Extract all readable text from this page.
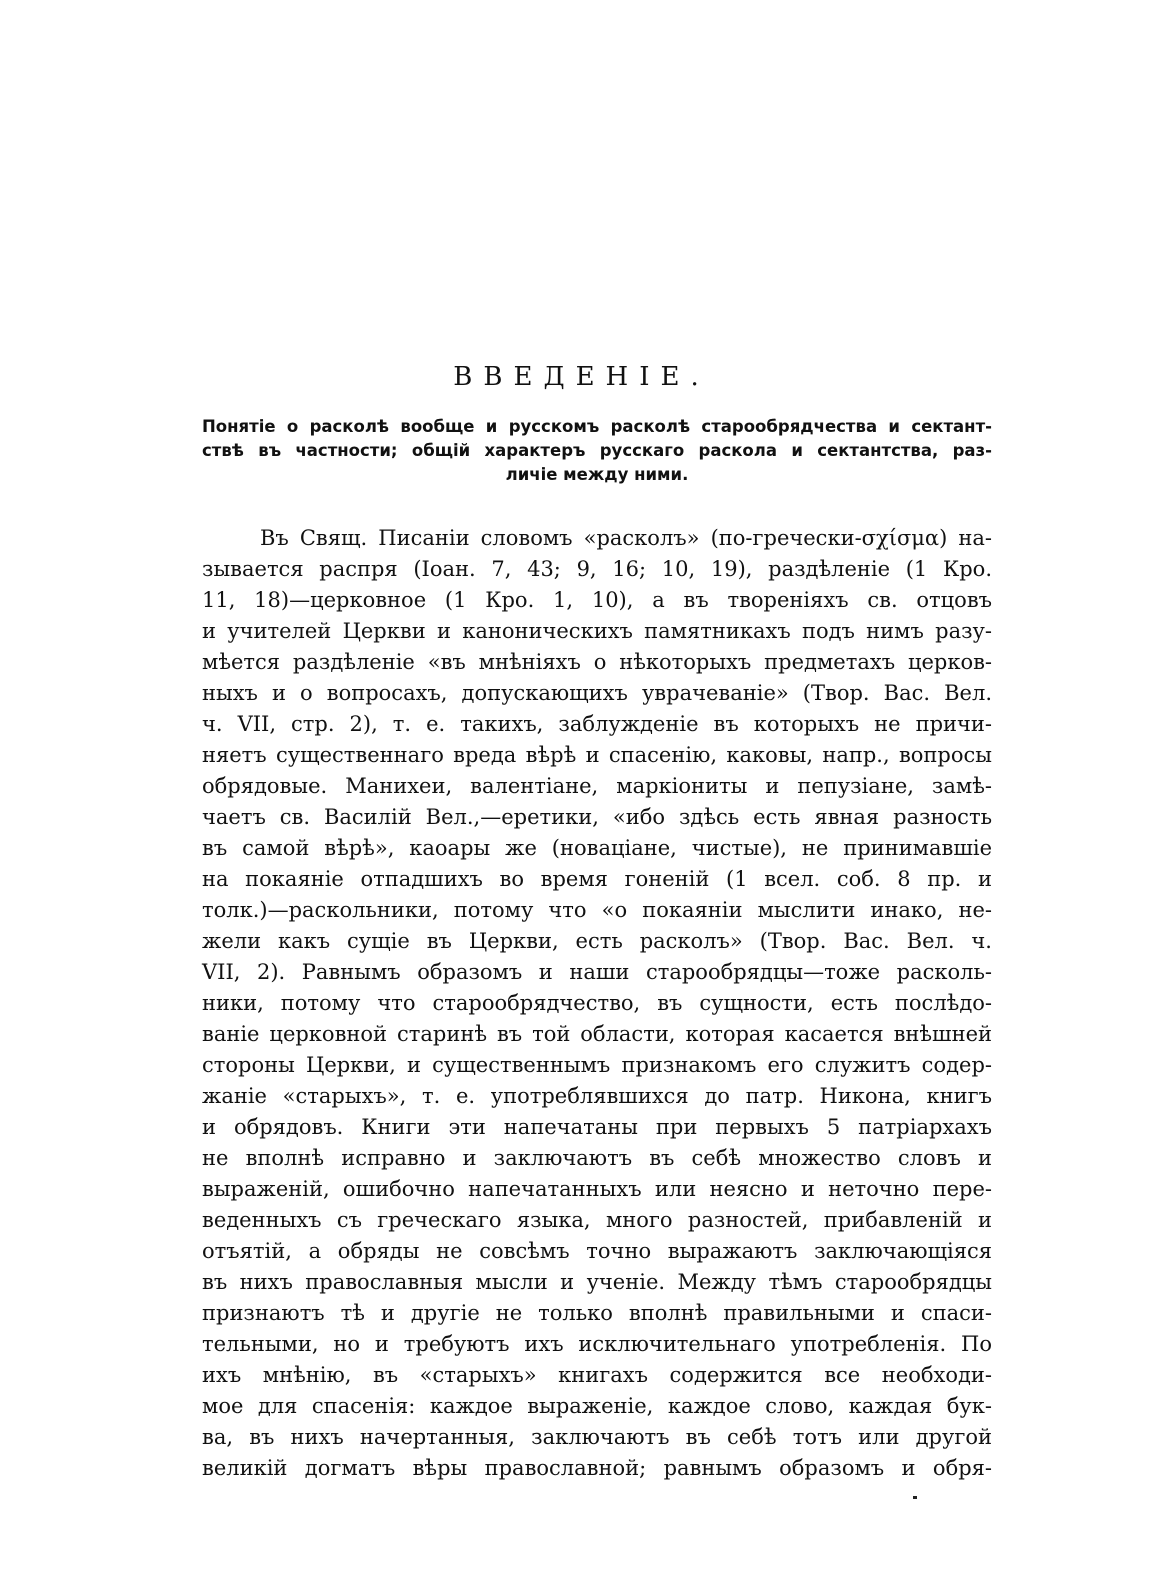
ВВЕДЕНІЕ.
Понятіе о расколѣ вообще и русскомъ расколѣ старообрядчества и сектант-
ствѣ въ частности; общій характеръ русскаго раскола и сектантства, раз-
личіе между ними.
Въ Свящ. Писаніи словомъ «расколъ» (по-гречески-σχίσμα) на-
зывается распря (Іоан. 7, 43; 9, 16; 10, 19), раздѣленіе (1 Кро.
11, 18)—церковное (1 Кро. 1, 10), а въ твореніяхъ св. отцовъ
и учителей Церкви и каноническихъ памятникахъ подъ нимъ разу-
мѣется раздѣленіе «въ мнѣніяхъ о нѣкоторыхъ предметахъ церков-
ныхъ и о вопросахъ, допускающихъ уврачеваніе» (Твор. Вас. Вел.
ч. VII, стр. 2), т. е. такихъ, заблужденіе въ которыхъ не причи-
няетъ существеннаго вреда вѣрѣ и спасенію, каковы, напр., вопросы
обрядовые. Манихеи, валентіане, маркіониты и пепузіане, замѣ-
чаетъ св. Василій Вел.,—еретики, «ибо здѣсь есть явная разность
въ самой вѣрѣ», каоары же (новаціане, чистые), не принимавшіе
на покаяніе отпадшихъ во время гоненій (1 всел. соб. 8 пр. и
толк.)—раскольники, потому что «о покаяніи мыслити инако, не-
жели какъ сущіе въ Церкви, есть расколъ» (Твор. Вас. Вел. ч.
VII, 2). Равнымъ образомъ и наши старообрядцы—тоже расколь-
ники, потому что старообрядчество, въ сущности, есть послѣдо-
ваніе церковной старинѣ въ той области, которая касается внѣшней
стороны Церкви, и существеннымъ признакомъ его служитъ содер-
жаніе «старыхъ», т. е. употреблявшихся до патр. Никона, книгъ
и обрядовъ. Книги эти напечатаны при первыхъ 5 патріархахъ
не вполнѣ исправно и заключаютъ въ себѣ множество словъ и
выраженій, ошибочно напечатанныхъ или неясно и неточно пере-
веденныхъ съ греческаго языка, много разностей, прибавленій и
отъятій, а обряды не совсѣмъ точно выражаютъ заключающіяся
въ нихъ православныя мысли и ученіе. Между тѣмъ старообрядцы
признаютъ тѣ и другіе не только вполнѣ правильными и спаси-
тельными, но и требуютъ ихъ исключительнаго употребленія. По
ихъ мнѣнію, въ «старыхъ» книгахъ содержится все необходи-
мое для спасенія: каждое выраженіе, каждое слово, каждая бук-
ва, въ нихъ начертанныя, заключаютъ въ себѣ тотъ или другой
великій догматъ вѣры православной; равнымъ образомъ и обря-
